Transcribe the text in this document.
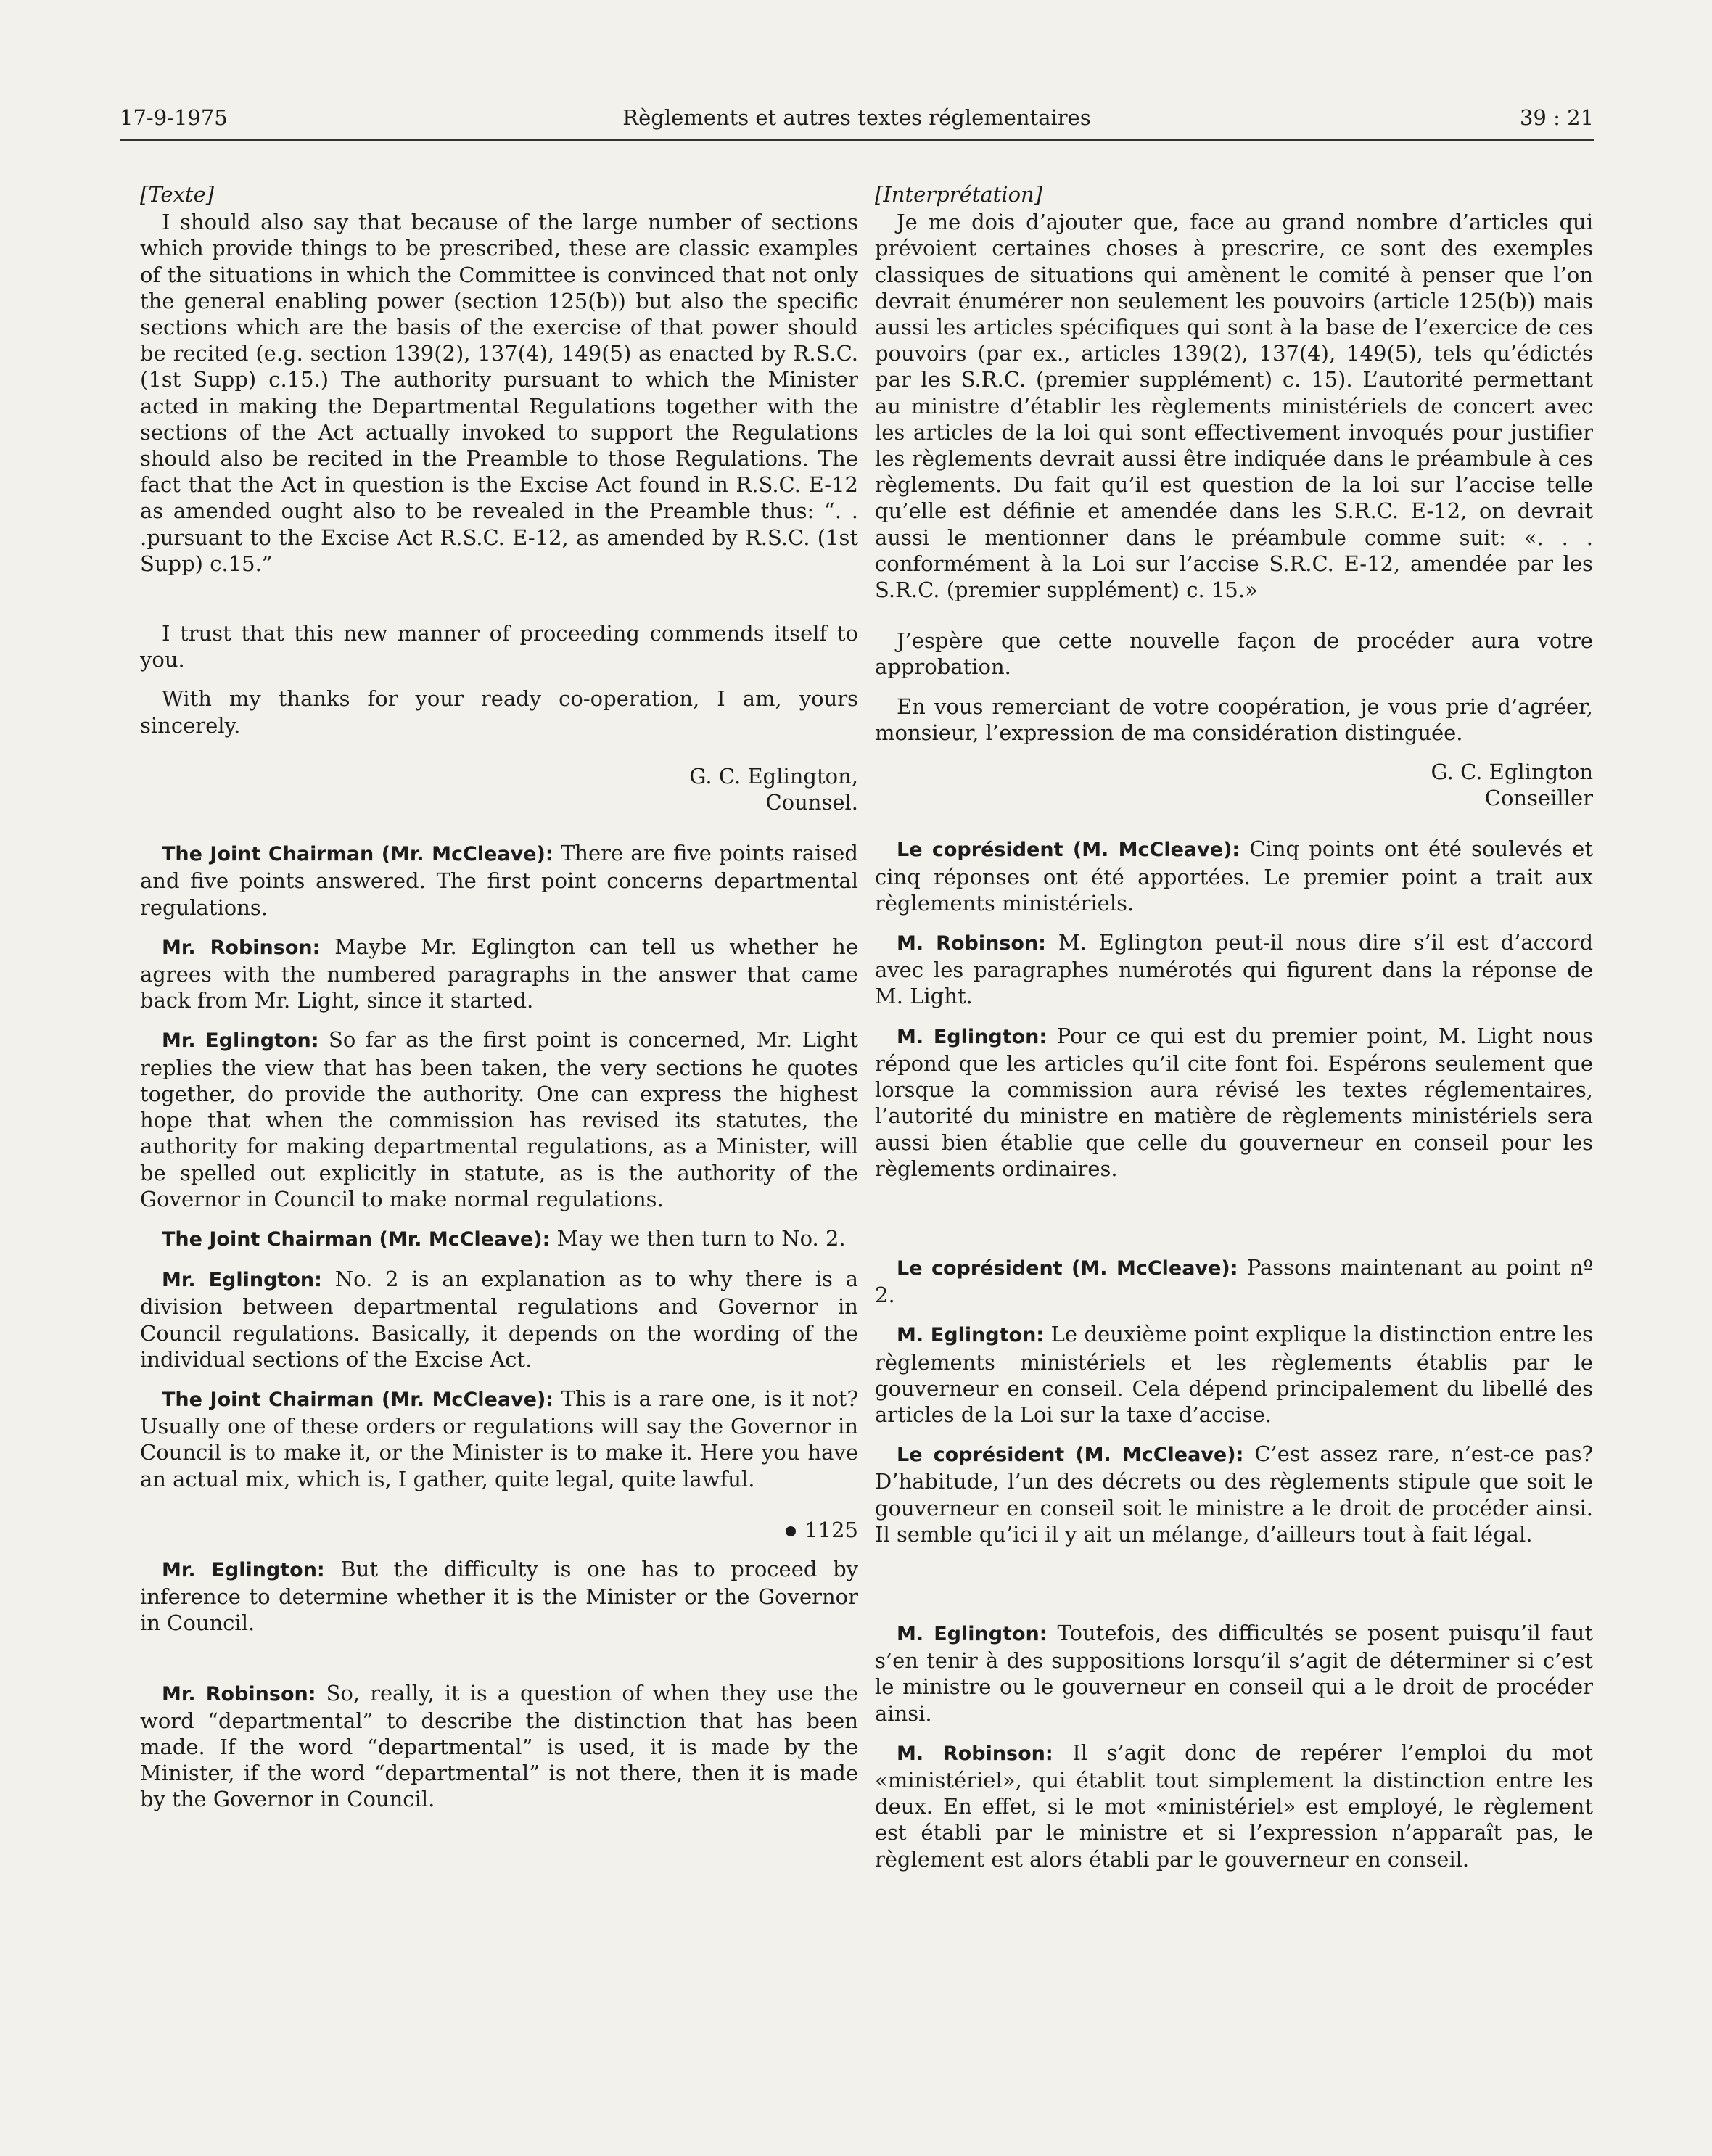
17-9-1975	Règlements et autres textes réglementaires	39 : 21

[Texte]

I should also say that because of the large number of sections which provide things to be prescribed, these are classic examples of the situations in which the Committee is convinced that not only the general enabling power (section 125(b)) but also the specific sections which are the basis of the exercise of that power should be recited (e.g. section 139(2), 137(4), 149(5) as enacted by R.S.C. (1st Supp) c.15.) The authority pursuant to which the Minister acted in making the Departmental Regulations together with the sections of the Act actually invoked to support the Regulations should also be recited in the Preamble to those Regulations. The fact that the Act in question is the Excise Act found in R.S.C. E-12 as amended ought also to be revealed in the Preamble thus: “. . .pursuant to the Excise Act R.S.C. E-12, as amended by R.S.C. (1st Supp) c.15.”

I trust that this new manner of proceeding commends itself to you.

With my thanks for your ready co-operation, I am, yours sincerely.

G. C. Eglington,

Counsel.

The Joint Chairman (Mr. McCleave): There are five points raised and five points answered. The first point concerns departmental regulations.

Mr. Robinson: Maybe Mr. Eglington can tell us whether he agrees with the numbered paragraphs in the answer that came back from Mr. Light, since it started.

Mr. Eglington: So far as the first point is concerned, Mr. Light replies the view that has been taken, the very sections he quotes together, do provide the authority. One can express the highest hope that when the commission has revised its statutes, the authority for making departmental regulations, as a Minister, will be spelled out explicitly in statute, as is the authority of the Governor in Council to make normal regulations.

The Joint Chairman (Mr. McCleave): May we then turn to No. 2.

Mr. Eglington: No. 2 is an explanation as to why there is a division between departmental regulations and Governor in Council regulations. Basically, it depends on the wording of the individual sections of the Excise Act.

The Joint Chairman (Mr. McCleave): This is a rare one, is it not? Usually one of these orders or regulations will say the Governor in Council is to make it, or the Minister is to make it. Here you have an actual mix, which is, I gather, quite legal, quite lawful.

1125

Mr. Eglington: But the difficulty is one has to proceed by inference to determine whether it is the Minister or the Governor in Council.

Mr. Robinson: So, really, it is a question of when they use the word “departmental” to describe the distinction that has been made. If the word “departmental” is used, it is made by the Minister, if the word “departmental” is not there, then it is made by the Governor in Council.

[Interprétation]

Je me dois d’ajouter que, face au grand nombre d’articles qui prévoient certaines choses à prescrire, ce sont des exemples classiques de situations qui amènent le comité à penser que l’on devrait énumérer non seulement les pouvoirs (article 125(b)) mais aussi les articles spécifiques qui sont à la base de l’exercice de ces pouvoirs (par ex., articles 139(2), 137(4), 149(5), tels qu’édictés par les S.R.C. (premier supplément) c. 15). L’autorité permettant au ministre d’établir les règlements ministériels de concert avec les articles de la loi qui sont effectivement invoqués pour justifier les règlements devrait aussi être indiquée dans le préambule à ces règlements. Du fait qu’il est question de la loi sur l’accise telle qu’elle est définie et amendée dans les S.R.C. E-12, on devrait aussi le mentionner dans le préambule comme suit: «. . . conformément à la Loi sur l’accise S.R.C. E-12, amendée par les S.R.C. (premier supplément) c. 15.»

J’espère que cette nouvelle façon de procéder aura votre approbation.

En vous remerciant de votre coopération, je vous prie d’agréer, monsieur, l’expression de ma considération distinguée.

G. C. Eglington

Conseiller

Le coprésident (M. McCleave): Cinq points ont été soulevés et cinq réponses ont été apportées. Le premier point a trait aux règlements ministériels.

M. Robinson: M. Eglington peut-il nous dire s’il est d’accord avec les paragraphes numérotés qui figurent dans la réponse de M. Light.

M. Eglington: Pour ce qui est du premier point, M. Light nous répond que les articles qu’il cite font foi. Espérons seulement que lorsque la commission aura révisé les textes réglementaires, l’autorité du ministre en matière de règlements ministériels sera aussi bien établie que celle du gouverneur en conseil pour les règlements ordinaires.

Le coprésident (M. McCleave): Passons maintenant au point nº 2.

M. Eglington: Le deuxième point explique la distinction entre les règlements ministériels et les règlements établis par le gouverneur en conseil. Cela dépend principalement du libellé des articles de la Loi sur la taxe d’accise.

Le coprésident (M. McCleave): C’est assez rare, n’est-ce pas? D’habitude, l’un des décrets ou des règlements stipule que soit le gouverneur en conseil soit le ministre a le droit de procéder ainsi. Il semble qu’ici il y ait un mélange, d’ailleurs tout à fait légal.

M. Eglington: Toutefois, des difficultés se posent puisqu’il faut s’en tenir à des suppositions lorsqu’il s’agit de déterminer si c’est le ministre ou le gouverneur en conseil qui a le droit de procéder ainsi.

M. Robinson: Il s’agit donc de repérer l’emploi du mot «ministériel», qui établit tout simplement la distinction entre les deux. En effet, si le mot «ministériel» est employé, le règlement est établi par le ministre et si l’expression n’apparaît pas, le règlement est alors établi par le gouverneur en conseil.
